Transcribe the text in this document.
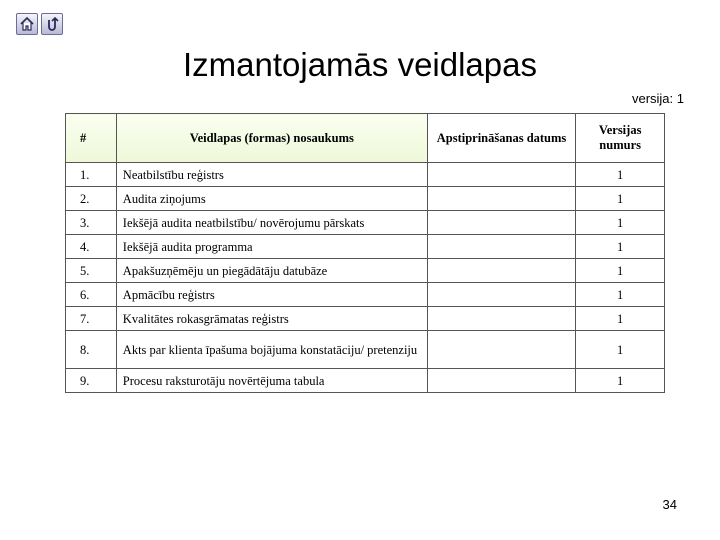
Izmantojamās veidlapas
versija: 1
#	Veidlapas (formas) nosaukums	Apstiprināšanas datums	Versijas numurs
1.	Neatbilstību reģistrs		1
2.	Audita ziņojums		1
3.	Iekšējā audita neatbilstību/ novērojumu pārskats		1
4.	Iekšējā audita programma		1
5.	Apakšuzņēmēju un piegādātāju datubāze		1
6.	Apmācību reģistrs		1
7.	Kvalitātes rokasgrāmatas reģistrs		1
8.	Akts par klienta īpašuma bojājuma konstatāciju/ pretenziju		1
9.	Procesu raksturotāju novērtējuma tabula		1
34
